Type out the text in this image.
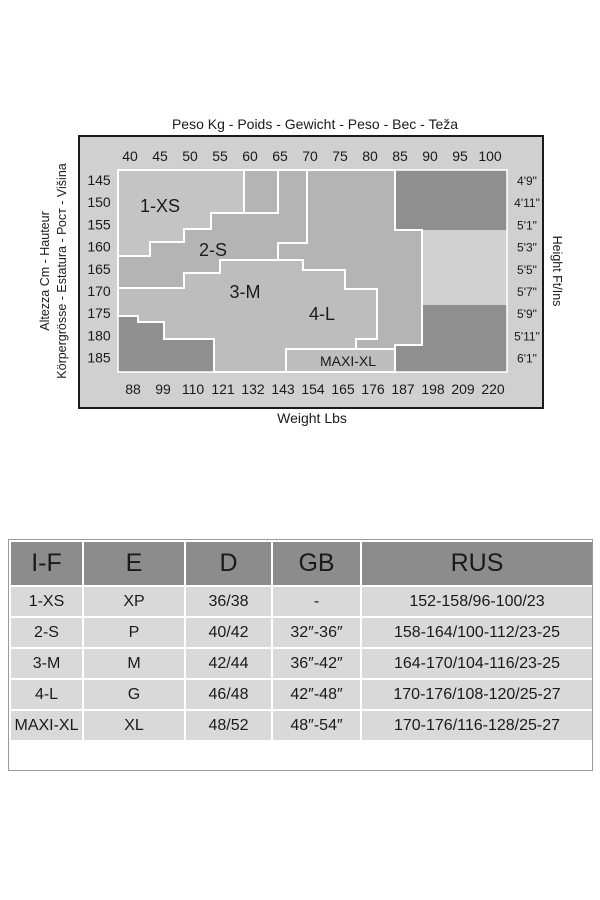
Peso Kg - Poids - Gewicht - Peso - Bec - Teža
40 45 50 55 60 65 70 75 80 85 90 95 100
88 99 110 121 132 143 154 165 176 187 198 209 220
145
150
155
160
165
170
175
180
185
4'9"
4'11"
5'1"
5'3"
5'5"
5'7"
5'9"
5'11"
6'1"
1-XS
2-S
3-M
4-L
MAXI-XL
Weight Lbs
Altezza Cm - Hauteur Körpergrösse - Estatura - Рост - Višina	Height Ft/Ins
I-F	E	D	GB	RUS
1-XS	XP	36/38	-	152-158/96-100/23
2-S	P	40/42	32″-36″	158-164/100-112/23-25
3-M	M	42/44	36″-42″	164-170/104-116/23-25
4-L	G	46/48	42″-48″	170-176/108-120/25-27
MAXI-XL	XL	48/52	48″-54″	170-176/116-128/25-27
